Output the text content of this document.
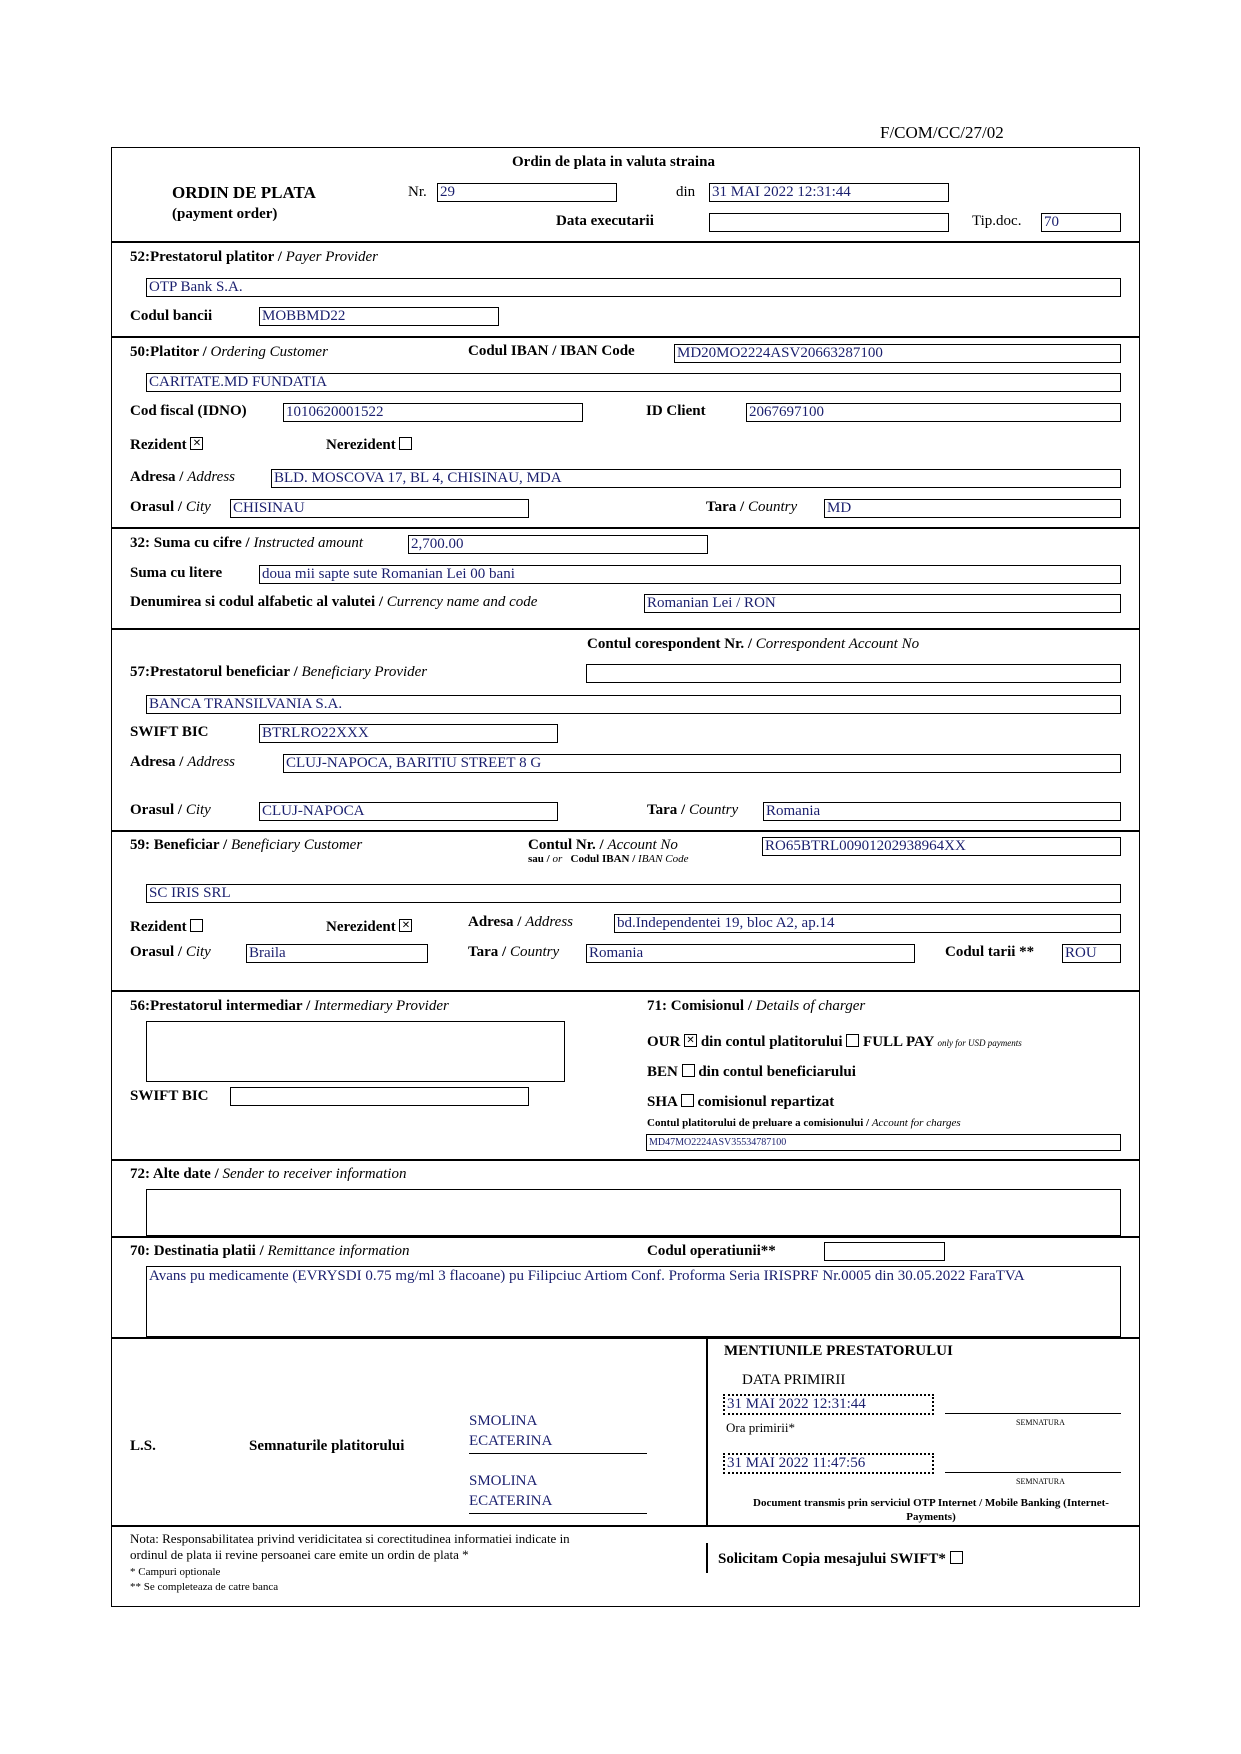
F/COM/CC/27/02
Ordin de plata in valuta straina
ORDIN DE PLATA
(payment order)
Nr. 29	din 31 MAI 2022 12:31:44
Data executarii	Tip.doc. 70
52:Prestatorul platitor / Payer Provider
OTP Bank S.A.
Codul bancii	MOBBMD22
50:Platitor / Ordering Customer	Codul IBAN / IBAN Code	MD20MO2224ASV20663287100
CARITATE.MD FUNDATIA
Cod fiscal (IDNO)	1010620001522	ID Client	2067697100
Rezident ✕	Nerezident
Adresa / Address	BLD. MOSCOVA 17, BL 4, CHISINAU, MDA
Orasul / City CHISINAU	Tara / Country MD
32: Suma cu cifre / Instructed amount	2,700.00
Suma cu litere	doua mii sapte sute Romanian Lei 00 bani
Denumirea si codul alfabetic al valutei / Currency name and code	Romanian Lei / RON
Contul corespondent Nr. / Correspondent Account No
57:Prestatorul beneficiar / Beneficiary Provider
BANCA TRANSILVANIA S.A.
SWIFT BIC	BTRLRO22XXX
Adresa / Address	CLUJ-NAPOCA, BARITIU STREET 8 G
Orasul / City	CLUJ-NAPOCA	Tara / Country Romania
59: Beneficiar / Beneficiary Customer	Contul Nr. / Account No
sau / or Codul IBAN / IBAN Code
RO65BTRL00901202938964XX
SC IRIS SRL
Rezident	Nerezident ✕	Adresa / Address	bd.Independentei 19, bloc A2, ap.14
Orasul / City	Braila	Tara / Country Romania	Codul tarii ** ROU
56:Prestatorul intermediar / Intermediary Provider
SWIFT BIC
71: Comisionul / Details of charger
OUR ✕ din contul platitorului FULL PAY only for USD payments
BEN din contul beneficiarului
SHA comisionul repartizat
Contul platitorului de preluare a comisionului / Account for charges
MD47MO2224ASV35534787100
72: Alte date / Sender to receiver information
70: Destinatia platii / Remittance information	Codul operatiunii**
Avans pu medicamente (EVRYSDI 0.75 mg/ml 3 flacoane) pu Filipciuc Artiom Conf. Proforma Seria IRISPRF Nr.0005 din 30.05.2022 FaraTVA
L.S.	Semnaturile platitorului
SMOLINA ECATERINA
SMOLINA ECATERINA
MENTIUNILE PRESTATORULUI
DATA PRIMIRII
31 MAI 2022 12:31:44
Ora primirii*	SEMNATURA
31 MAI 2022 11:47:56
SEMNATURA
Document transmis prin serviciul OTP Internet / Mobile Banking (Internet-Payments)
Nota: Responsabilitatea privind veridicitatea si corectitudinea informatiei indicate in
ordinul de plata ii revine persoanei care emite un ordin de plata *
* Campuri optionale
** Se completeaza de catre banca
Solicitam Copia mesajului SWIFT*
